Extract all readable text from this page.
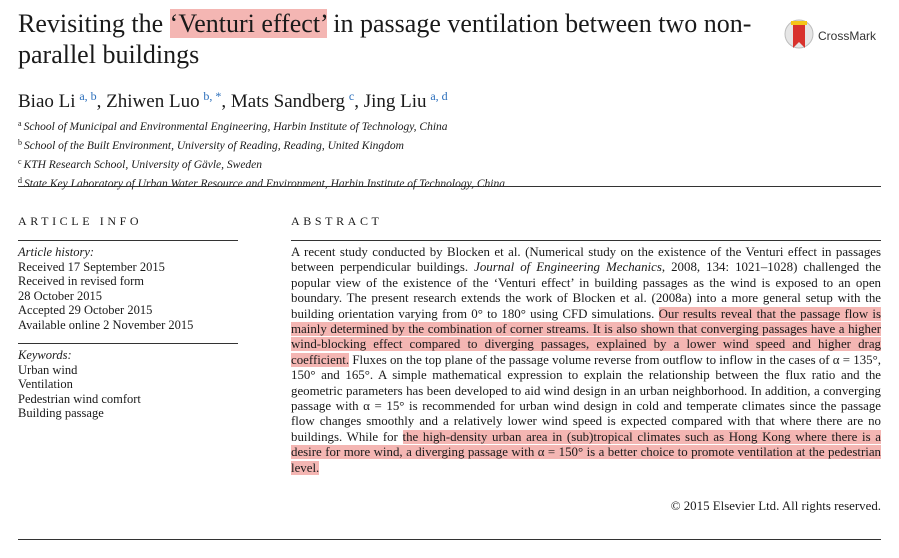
Revisiting the ‘Venturi effect’ in passage ventilation between two non-parallel buildings
CrossMark
Biao Li  $^{a, b}$, Zhiwen Luo  $^{b, *}$, Mats Sandberg  $^c$, Jing Liu  $^{a, d}$
$^a$ School of Municipal and Environmental Engineering, Harbin Institute of Technology, China
$^b$ School of the Built Environment, University of Reading, Reading, United Kingdom
$^c$ KTH Research School, University of Gävle, Sweden
$^d$ State Key Laboratory of Urban Water Resource and Environment, Harbin Institute of Technology, China
ARTICLE INFO
Article history:
Received 17 September 2015
Received in revised form
28 October 2015
Accepted 29 October 2015
Available online 2 November 2015
Keywords:
Urban wind
Ventilation
Pedestrian wind comfort
Building passage
ABSTRACT

A recent study conducted by Blocken et al. (Numerical study on the existence of the Venturi effect in passages between perpendicular buildings. Journal of Engineering Mechanics, 2008, 134: 1021–1028) challenged the popular view of the existence of the ‘Venturi effect’ in building passages as the wind is exposed to an open boundary. The present research extends the work of Blocken et al. (2008a) into a more general setup with the building orientation varying from 0° to 180° using CFD simulations. Our results reveal that the passage flow is mainly determined by the combination of corner streams. It is also shown that converging passages have a higher wind-blocking effect compared to diverging passages, explained by a lower wind speed and higher drag coefficient. Fluxes on the top plane of the passage volume reverse from outflow to inflow in the cases of α = 135°, 150° and 165°. A simple mathematical expression to explain the relationship between the flux ratio and the geometric parameters has been developed to aid wind design in an urban neighborhood. In addition, a converging passage with α = 15° is recommended for urban wind design in cold and temperate climates since the passage flow changes smoothly and a relatively lower wind speed is expected compared with that where there are no buildings. While for the high-density urban area in (sub)tropical climates such as Hong Kong where there is a desire for more wind, a diverging passage with α = 150° is a better choice to promote ventilation at the pedestrian level.

© 2015 Elsevier Ltd. All rights reserved.
